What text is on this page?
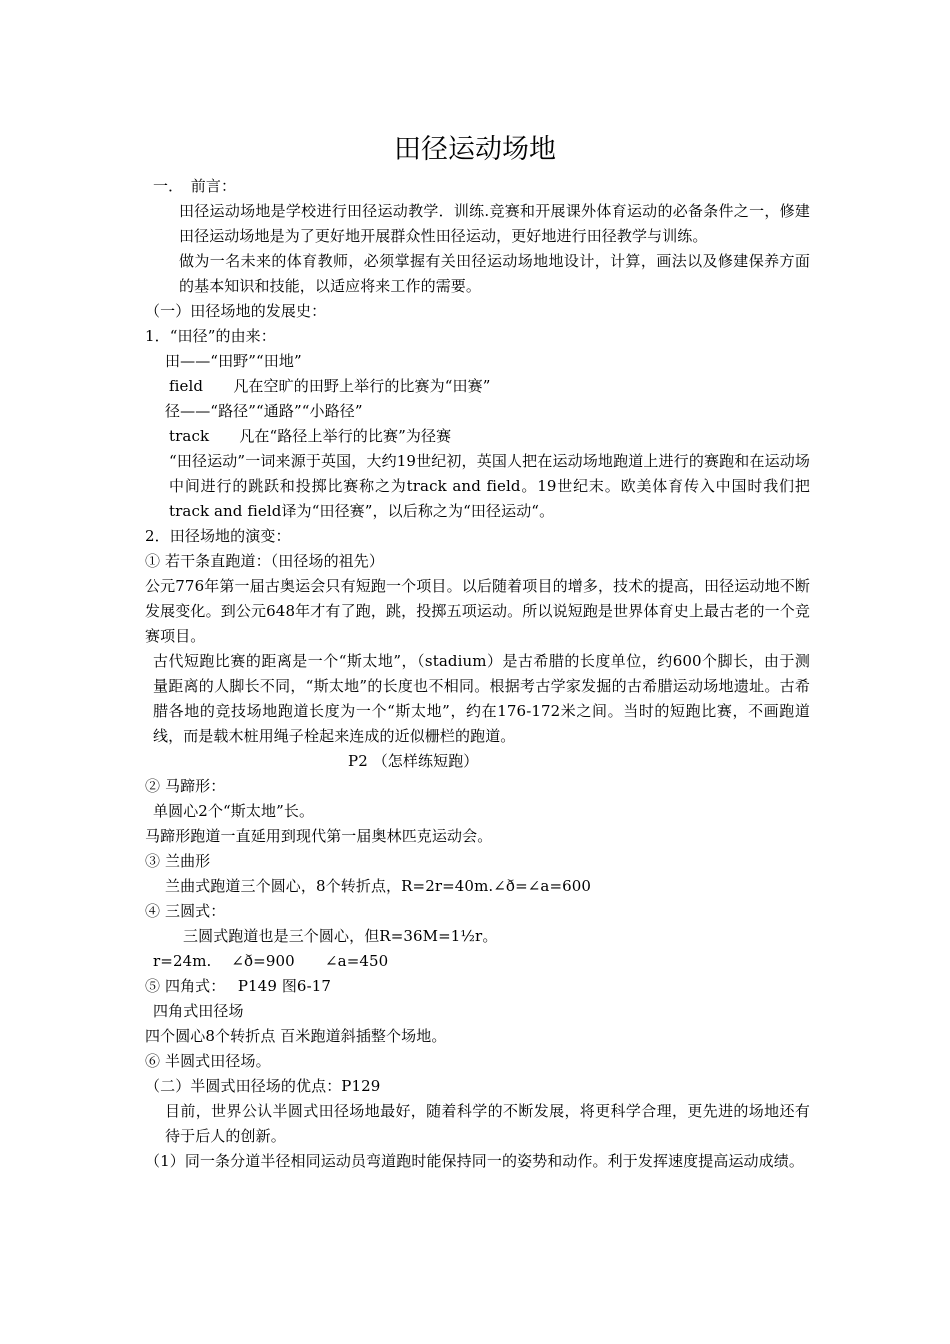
田径运动场地

一．　前言：

田径运动场地是学校进行田径运动教学．训练.竞赛和开展课外体育运动的必备条件之一，修建田径运动场地是为了更好地开展群众性田径运动，更好地进行田径教学与训练。

做为一名未来的体育教师，必须掌握有关田径运动场地地设计，计算，画法以及修建保养方面的基本知识和技能，以适应将来工作的需要。

（一）田径场地的发展史：

1．“田径”的由来：

田——“田野”“田地”

field　　凡在空旷的田野上举行的比赛为“田赛”

径——“路径”“通路”“小路径”

track　　凡在“路径上举行的比赛”为径赛

“田径运动”一词来源于英国，大约19世纪初，英国人把在运动场地跑道上进行的赛跑和在运动场中间进行的跳跃和投掷比赛称之为track and field。19世纪末。欧美体育传入中国时我们把track and field译为“田径赛”，以后称之为“田径运动“。

2．田径场地的演变：

① 若干条直跑道：（田径场的祖先）

公元776年第一届古奥运会只有短跑一个项目。以后随着项目的增多，技术的提高，田径运动地不断发展变化。到公元648年才有了跑，跳，投掷五项运动。所以说短跑是世界体育史上最古老的一个竞赛项目。

古代短跑比赛的距离是一个“斯太地”，（stadium）是古希腊的长度单位，约600个脚长，由于测量距离的人脚长不同，“斯太地”的长度也不相同。根据考古学家发掘的古希腊运动场地遗址。古希腊各地的竞技场地跑道长度为一个“斯太地”，约在176-172米之间。当时的短跑比赛，不画跑道线，而是载木桩用绳子栓起来连成的近似栅栏的跑道。

P2 （怎样练短跑）

② 马蹄形：

单圆心2个“斯太地”长。

马蹄形跑道一直延用到现代第一届奥林匹克运动会。

③ 兰曲形

兰曲式跑道三个圆心，8个转折点，R=2r=40m.∠ð=∠a=600

④ 三圆式：

三圆式跑道也是三个圆心，但R=36M=1½r。

r=24m.　 ∠ð=900　　∠a=450

⑤ 四角式：　 P149 图6-17

四角式田径场

四个圆心8个转折点 百米跑道斜插整个场地。

⑥ 半圆式田径场。

（二）半圆式田径场的优点：P129

目前，世界公认半圆式田径场地最好，随着科学的不断发展，将更科学合理，更先进的场地还有待于后人的创新。

（1）同一条分道半径相同运动员弯道跑时能保持同一的姿势和动作。利于发挥速度提高运动成绩。
